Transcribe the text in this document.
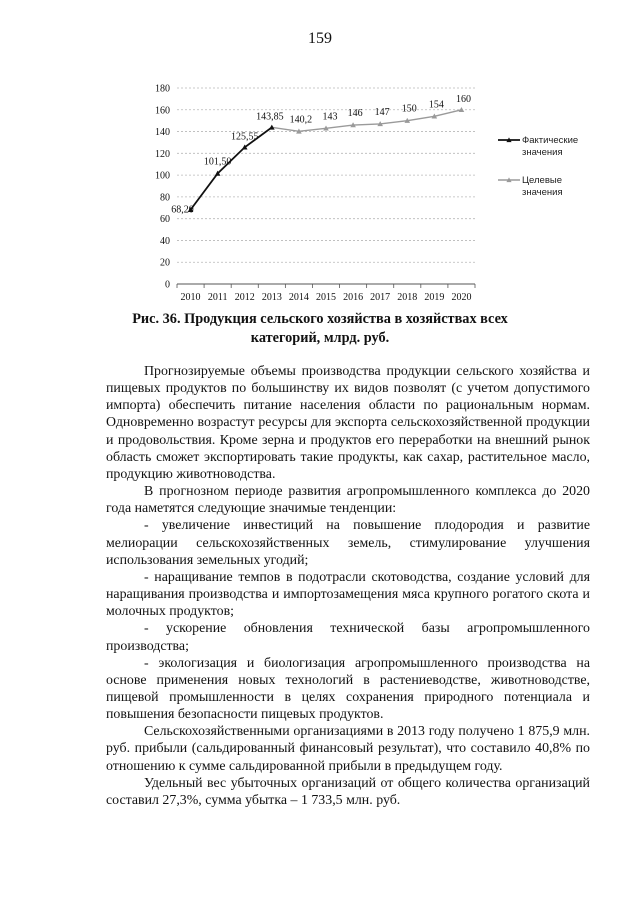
159
0
20
40
60
80
100
120
140
160
180
2010 2011 2012 2013 2014 2015 2016 2017 2018 2019 2020
68,20
101,50
125,55
143,85 140,2 143 146 147 150 154
160
Фактические
значения
Целевые
значения
Рис. 36. Продукция сельского хозяйства в хозяйствах всех
категорий, млрд. руб.

Прогнозируемые объемы производства продукции сельского хозяйства и пищевых продуктов по большинству их видов позволят (с учетом допустимого импорта) обеспечить питание населения области по рациональным нормам. Одновременно возрастут ресурсы для экспорта сельскохозяйственной продукции и продовольствия. Кроме зерна и продуктов его переработки на внешний рынок область сможет экспортировать такие продукты, как сахар, растительное масло, продукцию животноводства.

В прогнозном периоде развития агропромышленного комплекса до 2020 года наметятся следующие значимые тенденции:

- увеличение инвестиций на повышение плодородия и развитие мелиорации сельскохозяйственных земель, стимулирование улучшения использования земельных угодий;

- наращивание темпов в подотрасли скотоводства, создание условий для наращивания производства и импортозамещения мяса крупного рогатого скота и молочных продуктов;

- ускорение обновления технической базы агропромышленного производства;

- экологизация и биологизация агропромышленного производства на основе применения новых технологий в растениеводстве, животноводстве, пищевой промышленности в целях сохранения природного потенциала и повышения безопасности пищевых продуктов.

Сельскохозяйственными организациями в 2013 году получено 1 875,9 млн. руб. прибыли (сальдированный финансовый результат), что составило 40,8% по отношению к сумме сальдированной прибыли в предыдущем году.

Удельный вес убыточных организаций от общего количества организаций составил 27,3%, сумма убытка – 1 733,5 млн. руб.
